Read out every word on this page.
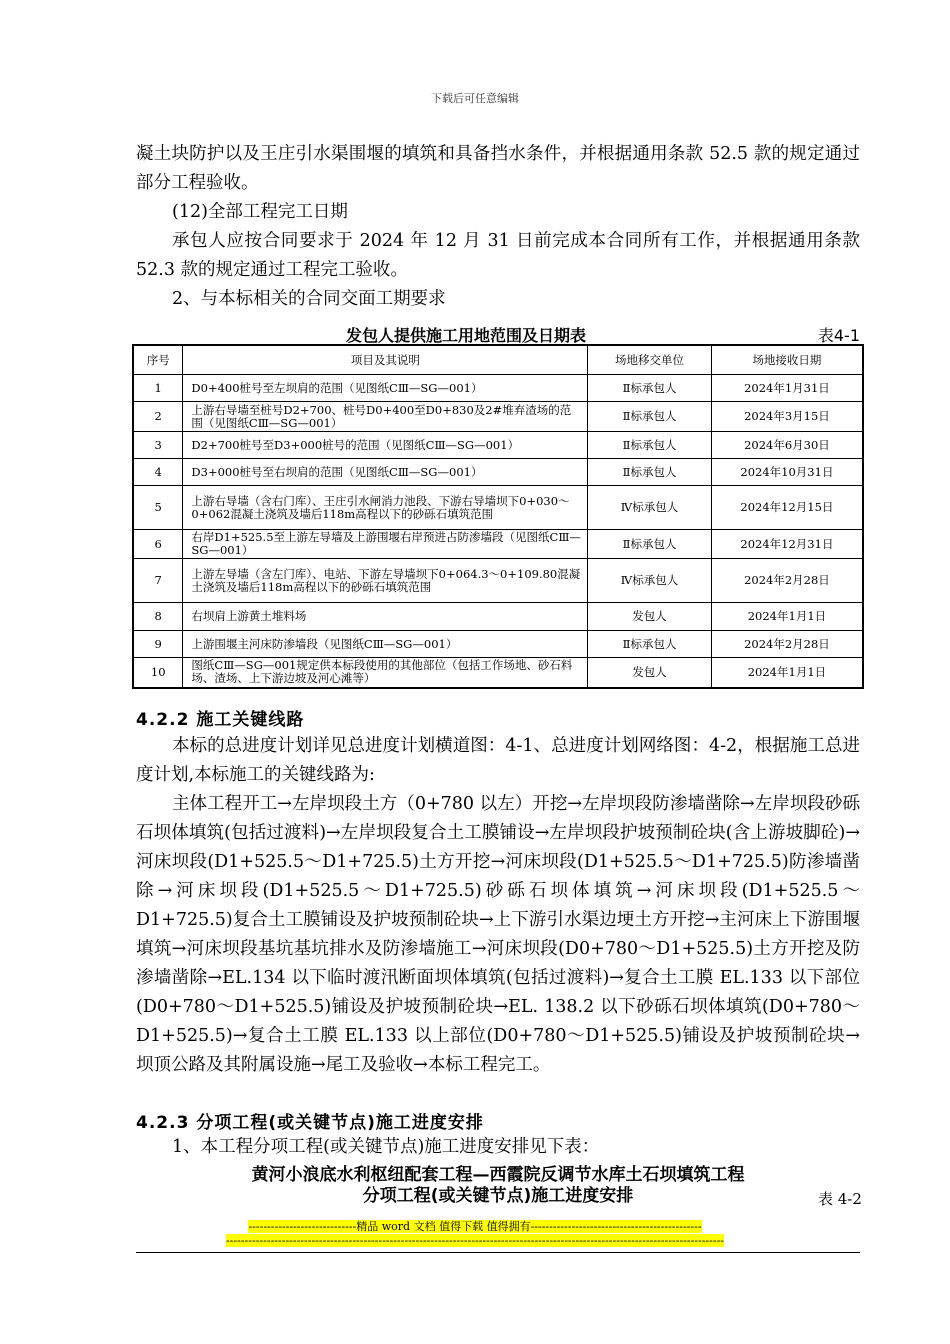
下载后可任意编辑

凝土块防护以及王庄引水渠围堰的填筑和具备挡水条件，并根据通用条款 52.5 款的规定通过部分工程验收。

(12)全部工程完工日期

承包人应按合同要求于 2024 年 12 月 31 日前完成本合同所有工作，并根据通用条款 52.3 款的规定通过工程完工验收。

2、与本标相关的合同交面工期要求

发包人提供施工用地范围及日期表	表4-1
序号	项目及其说明	场地移交单位	场地接收日期
1	D0+400桩号至左坝肩的范围（见图纸CⅢ—SG—001）	Ⅱ标承包人	2024年1月31日
2	上游右导墙至桩号D2+700、桩号D0+400至D0+830及2#堆弃渣场的范围（见图纸CⅢ—SG—001）	Ⅱ标承包人	2024年3月15日
3	D2+700桩号至D3+000桩号的范围（见图纸CⅢ—SG—001）	Ⅱ标承包人	2024年6月30日
4	D3+000桩号至右坝肩的范围（见图纸CⅢ—SG—001）	Ⅱ标承包人	2024年10月31日
5	上游右导墙（含右门库）、王庄引水闸消力池段、下游右导墙坝下0+030～0+062混凝土浇筑及墙后118m高程以下的砂砾石填筑范围	Ⅳ标承包人	2024年12月15日
6	右岸D1+525.5至上游左导墙及上游围堰右岸预进占防渗墙段（见图纸CⅢ—SG—001）	Ⅱ标承包人	2024年12月31日
7	上游左导墙（含左门库）、电站、下游左导墙坝下0+064.3～0+109.80混凝土浇筑及墙后118m高程以下的砂砾石填筑范围	Ⅳ标承包人	2024年2月28日
8	右坝肩上游黄土堆料场	发包人	2024年1月1日
9	上游围堰主河床防渗墙段（见图纸CⅢ—SG—001）	Ⅱ标承包人	2024年2月28日
10	图纸CⅢ—SG—001规定供本标段使用的其他部位（包括工作场地、砂石料场、渣场、上下游边坡及河心滩等）	发包人	2024年1月1日
4.2.2 施工关键线路

本标的总进度计划详见总进度计划横道图：4-1、总进度计划网络图：4-2，根据施工总进度计划,本标施工的关键线路为:

主体工程开工→左岸坝段土方（0+780 以左）开挖→左岸坝段防渗墙凿除→左岸坝段砂砾石坝体填筑(包括过渡料)→左岸坝段复合土工膜铺设→左岸坝段护坡预制砼块(含上游坡脚砼)→河床坝段(D1+525.5～D1+725.5)土方开挖→河床坝段(D1+525.5～D1+725.5)防渗墙凿除→河床坝段(D1+525.5～D1+725.5)砂砾石坝体填筑→河床坝段(D1+525.5～D1+725.5)复合土工膜铺设及护坡预制砼块→上下游引水渠边埂土方开挖→主河床上下游围堰填筑→河床坝段基坑基坑排水及防渗墙施工→河床坝段(D0+780～D1+525.5)土方开挖及防渗墙凿除→EL.134 以下临时渡汛断面坝体填筑(包括过渡料)→复合土工膜 EL.133 以下部位(D0+780～D1+525.5)铺设及护坡预制砼块→EL. 138.2 以下砂砾石坝体填筑(D0+780～D1+525.5)→复合土工膜 EL.133 以上部位(D0+780～D1+525.5)铺设及护坡预制砼块→坝顶公路及其附属设施→尾工及验收→本标工程完工。

4.2.3 分项工程(或关键节点)施工进度安排

1、本工程分项工程(或关键节点)施工进度安排见下表：

黄河小浪底水利枢纽配套工程—西霞院反调节水库土石坝填筑工程
分项工程(或关键节点)施工进度安排	表 4-2
-----------------------------精品 word 文档 值得下载 值得拥有----------------------------------------------
--------------------------------------------------------------------------------------------------------------------------------------
